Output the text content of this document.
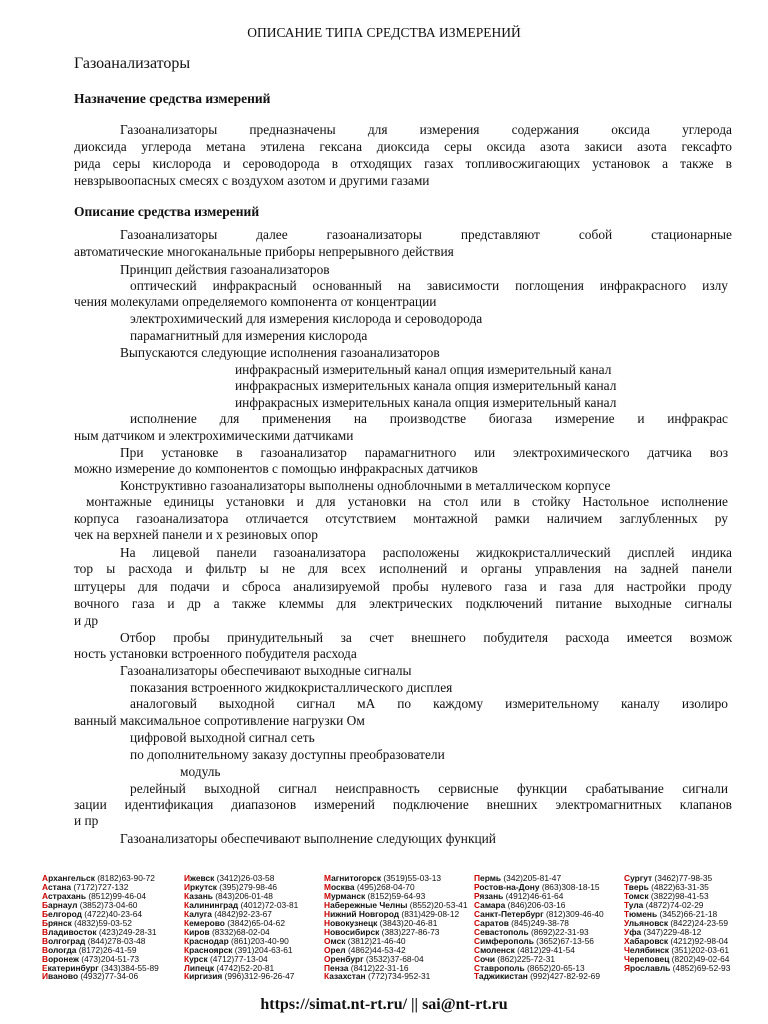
ОПИСАНИЕ ТИПА СРЕДСТВА ИЗМЕРЕНИЙ
Газоанализаторы
Назначение средства измерений
Газоанализаторы предназначены для измерения содержания оксида углерода
диоксида углерода метана этилена гексана диоксида серы оксида азота закиси азота гексафто
рида серы кислорода и сероводорода в отходящих газах топливосжигающих установок а также в
невзрывоопасных смесях с воздухом азотом и другими газами
Описание средства измерений
Газоанализаторы далее газоанализаторы представляют собой стационарные
автоматические многоканальные приборы непрерывного действия
Принцип действия газоанализаторов
оптический инфракрасный основанный на зависимости поглощения инфракрасного излу
чения молекулами определяемого компонента от концентрации
электрохимический для измерения кислорода и сероводорода
парамагнитный для измерения кислорода
Выпускаются следующие исполнения газоанализаторов
инфракрасный измерительный канал опция измерительный канал
инфракрасных измерительных канала опция измерительный канал
инфракрасных измерительных канала опция измерительный канал
исполнение для применения на производстве биогаза измерение и инфракрас
ным датчиком и электрохимическими датчиками
При установке в газоанализатор парамагнитного или электрохимического датчика воз
можно измерение до компонентов с помощью инфракрасных датчиков
Конструктивно газоанализаторы выполнены одноблочными в металлическом корпусе
монтажные единицы установки и для установки на стол или в стойку Настольное исполнение
корпуса газоанализатора отличается отсутствием монтажной рамки наличием заглубленных ру
чек на верхней панели и х резиновых опор
На лицевой панели газоанализатора расположены жидкокристаллический дисплей индика
тор ы расхода и фильтр ы не для всех исполнений и органы управления на задней панели
штуцеры для подачи и сброса анализируемой пробы нулевого газа и газа для настройки проду
вочного газа и др а также клеммы для электрических подключений питание выходные сигналы
и др
Отбор пробы принудительный за счет внешнего побудителя расхода имеется возмож
ность установки встроенного побудителя расхода
Газоанализаторы обеспечивают выходные сигналы
показания встроенного жидкокристаллического дисплея
аналоговый выходной сигнал мА по каждому измерительному каналу изолиро
ванный максимальное сопротивление нагрузки Ом
цифровой выходной сигнал сеть
по дополнительному заказу доступны преобразователи
модуль
релейный выходной сигнал неисправность сервисные функции срабатывание сигнали
зации идентификация диапазонов измерений подключение внешних электромагнитных клапанов
и пр
Газоанализаторы обеспечивают выполнение следующих функций
Архангельск (8182)63-90-72
Астана (7172)727-132
Астрахань (8512)99-46-04
Барнаул (3852)73-04-60
Белгород (4722)40-23-64
Брянск (4832)59-03-52
Владивосток (423)249-28-31
Волгоград (844)278-03-48
Вологда (8172)26-41-59
Воронеж (473)204-51-73
Екатеринбург (343)384-55-89
Иваново (4932)77-34-06
Ижевск (3412)26-03-58
Иркутск (395)279-98-46
Казань (843)206-01-48
Калининград (4012)72-03-81
Калуга (4842)92-23-67
Кемерово (3842)65-04-62
Киров (8332)68-02-04
Краснодар (861)203-40-90
Красноярск (391)204-63-61
Курск (4712)77-13-04
Липецк (4742)52-20-81
Киргизия (996)312-96-26-47
Магнитогорск (3519)55-03-13
Москва (495)268-04-70
Мурманск (8152)59-64-93
Набережные Челны (8552)20-53-41
Нижний Новгород (831)429-08-12
Новокузнецк (3843)20-46-81
Новосибирск (383)227-86-73
Омск (3812)21-46-40
Орел (4862)44-53-42
Оренбург (3532)37-68-04
Пенза (8412)22-31-16
Казахстан (772)734-952-31
Пермь (342)205-81-47
Ростов-на-Дону (863)308-18-15
Рязань (4912)46-61-64
Самара (846)206-03-16
Санкт-Петербург (812)309-46-40
Саратов (845)249-38-78
Севастополь (8692)22-31-93
Симферополь (3652)67-13-56
Смоленск (4812)29-41-54
Сочи (862)225-72-31
Ставрополь (8652)20-65-13
Таджикистан (992)427-82-92-69
Сургут (3462)77-98-35
Тверь (4822)63-31-35
Томск (3822)98-41-53
Тула (4872)74-02-29
Тюмень (3452)66-21-18
Ульяновск (8422)24-23-59
Уфа (347)229-48-12
Хабаровск (4212)92-98-04
Челябинск (351)202-03-61
Череповец (8202)49-02-64
Ярославль (4852)69-52-93
https://simat.nt-rt.ru/ || sai@nt-rt.ru
